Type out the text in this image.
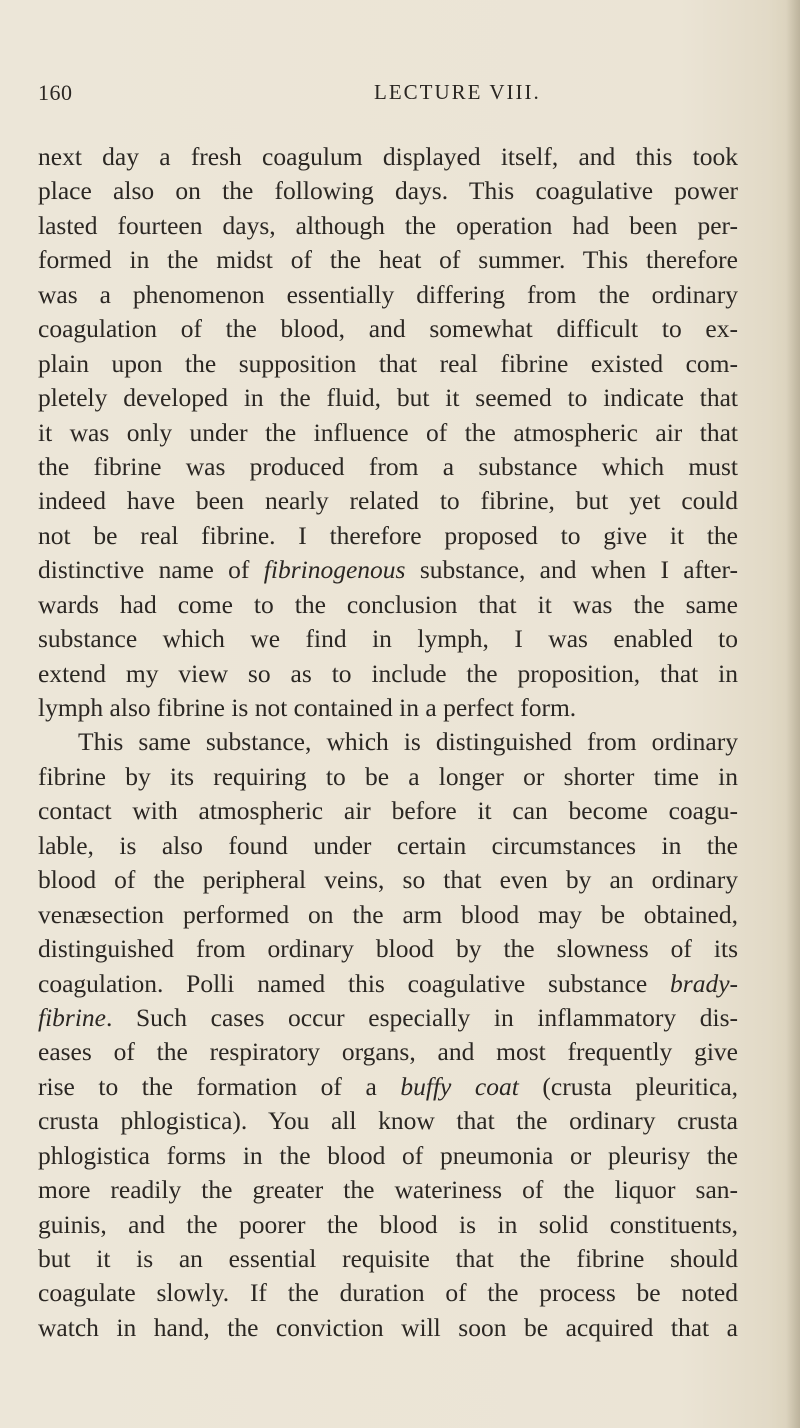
160	LECTURE VIII.
next day a fresh coagulum displayed itself, and this took
place also on the following days. This coagulative power
lasted fourteen days, although the operation had been per-
formed in the midst of the heat of summer. This therefore
was a phenomenon essentially differing from the ordinary
coagulation of the blood, and somewhat difficult to ex-
plain upon the supposition that real fibrine existed com-
pletely developed in the fluid, but it seemed to indicate that
it was only under the influence of the atmospheric air that
the fibrine was produced from a substance which must
indeed have been nearly related to fibrine, but yet could
not be real fibrine. I therefore proposed to give it the
distinctive name of fibrinogenous substance, and when I after-
wards had come to the conclusion that it was the same
substance which we find in lymph, I was enabled to
extend my view so as to include the proposition, that in
lymph also fibrine is not contained in a perfect form.
This same substance, which is distinguished from ordinary
fibrine by its requiring to be a longer or shorter time in
contact with atmospheric air before it can become coagu-
lable, is also found under certain circumstances in the
blood of the peripheral veins, so that even by an ordinary
venæsection performed on the arm blood may be obtained,
distinguished from ordinary blood by the slowness of its
coagulation. Polli named this coagulative substance brady-
fibrine. Such cases occur especially in inflammatory dis-
eases of the respiratory organs, and most frequently give
rise to the formation of a buffy coat (crusta pleuritica,
crusta phlogistica). You all know that the ordinary crusta
phlogistica forms in the blood of pneumonia or pleurisy the
more readily the greater the wateriness of the liquor san-
guinis, and the poorer the blood is in solid constituents,
but it is an essential requisite that the fibrine should
coagulate slowly. If the duration of the process be noted
watch in hand, the conviction will soon be acquired that a
